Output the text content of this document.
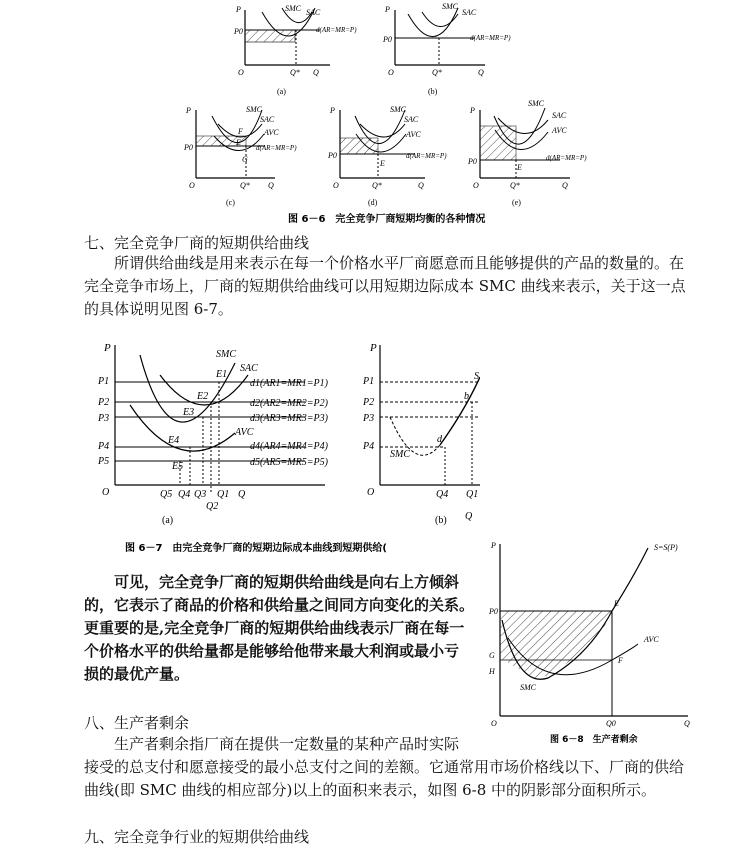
P
P0
SMC SAC
d(AR=MR=P)
O	Q* Q
(a)
P
P0
SMC
SAC
d(AR=MR=P)
O	Q*	Q
(b)
P
P0
SMC
SAC
AVC
d(AR=MR=P)
F
E
G
O	Q* Q
(c)
P
P0
SMC
SAC
AVC
d(AR=MR=P)
E
O	Q*	Q
(d)
P
P0
SMC
SAC
AVC
d(AR=MR=P)
E
O	Q*	Q
(e)
图 6－6　完全竞争厂商短期均衡的各种情况
七、完全竞争厂商的短期供给曲线
所谓供给曲线是用来表示在每一个价格水平厂商愿意而且能够提供的产品的数量的。在
完全竞争市场上，厂商的短期供给曲线可以用短期边际成本 SMC 曲线来表示，关于这一点
的具体说明见图 6-7。
P
P1
P2
P3
P4
P5
SMC
SAC
AVC
E1
E2
E3
E4
E5
d1(AR1=MR1=P1)
d2(AR2=MR2=P2)
d3(AR3=MR3=P3)
d4(AR4=MR4=P4)
d5(AR5=MR5=P5)
O	Q5 Q4 Q3 Q1
Q2
Q
(a)
P
P1
P2
P3
P4
S
b
d
SMC
O	Q4 Q1
Q
(b)
图 6－7　由完全竞争厂商的短期边际成本曲线到短期供给(
可见，完全竞争厂商的短期供给曲线是向右上方倾斜
的，它表示了商品的价格和供给量之间同方向变化的关系。
更重要的是,完全竞争厂商的短期供给曲线表示厂商在每一
个价格水平的供给量都是能够给他带来最大利润或最小亏
损的最优产量。
P	S=S(P)
P0
G
H
E
F
AVC
SMC
O	Q0	Q
图 6－8　生产者剩余
八、生产者剩余
生产者剩余指厂商在提供一定数量的某种产品时实际
接受的总支付和愿意接受的最小总支付之间的差额。它通常用市场价格线以下、厂商的供给
曲线(即 SMC 曲线的相应部分)以上的面积来表示，如图 6-8 中的阴影部分面积所示。
九、完全竞争行业的短期供给曲线
